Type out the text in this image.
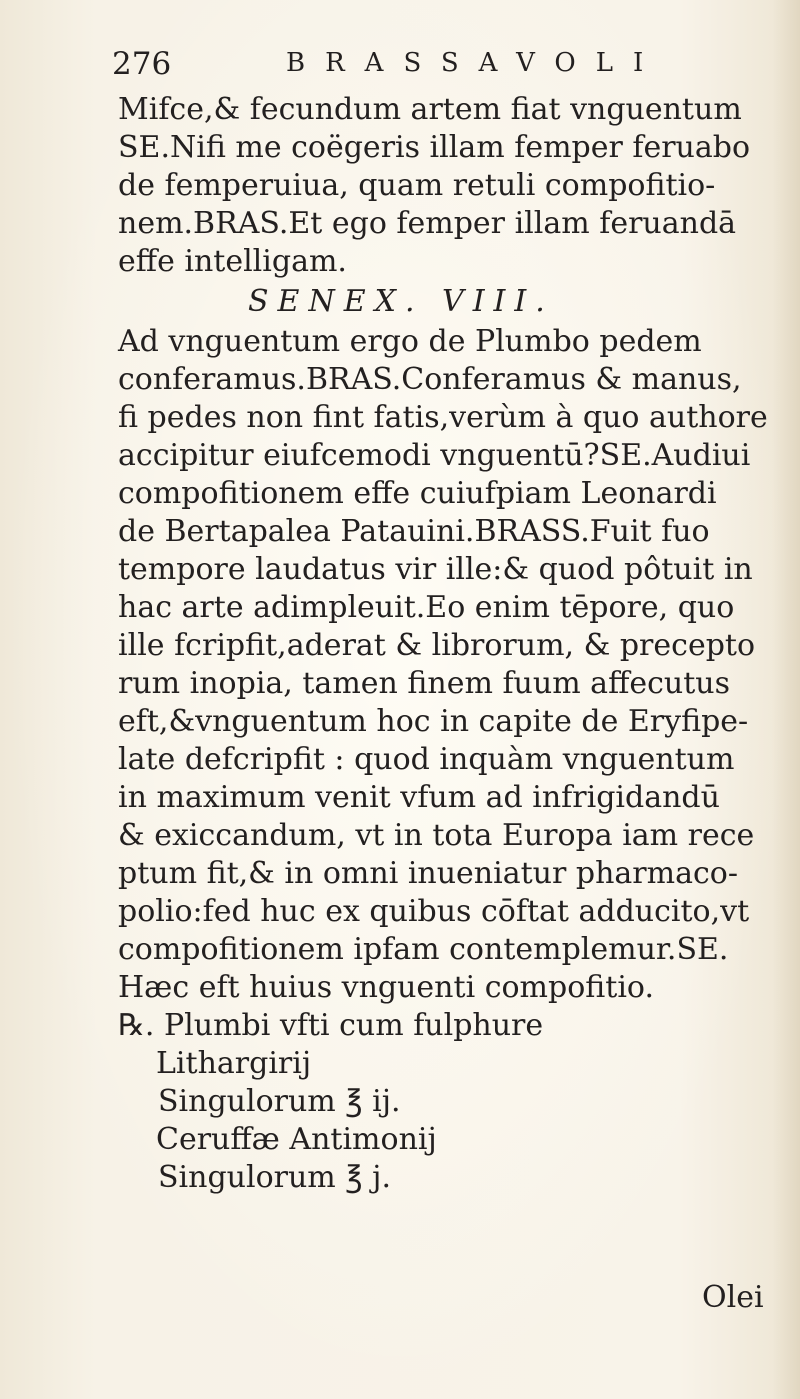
276	BRASSAVOLI
Mifce,& fecundum artem fiat vnguentum
SE.Nifi me coëgeris illam femper feruabo
de femperuiua, quam retuli compofitio-
nem.BRAS.Et ego femper illam feruandā
effe intelligam.
SENEX. VIII.
Ad vnguentum ergo de Plumbo pedem
conferamus.BRAS.Conferamus & manus,
fi pedes non fint fatis,verùm à quo authore
accipitur eiufcemodi vnguentū?SE.Audiui
compofitionem effe cuiufpiam Leonardi
de Bertapalea Patauini.BRASS.Fuit fuo
tempore laudatus vir ille:& quod pôtuit in
hac arte adimpleuit.Eo enim tēpore, quo
ille fcripfit,aderat & librorum, & precepto
rum inopia, tamen finem fuum affecutus
eft,&vnguentum hoc in capite de Eryfipe-
late defcripfit : quod inquàm vnguentum
in maximum venit vfum ad infrigidandū
& exiccandum, vt in tota Europa iam rece
ptum fit,& in omni inueniatur pharmaco-
polio:fed huc ex quibus cōftat adducito,vt
compofitionem ipfam contemplemur.SE.
Hæc eft huius vnguenti compofitio.
℞. Plumbi vfti cum fulphure
Lithargirij
Singulorum ℥ ij.
Ceruffæ Antimonij
Singulorum ℥ j.
Olei
